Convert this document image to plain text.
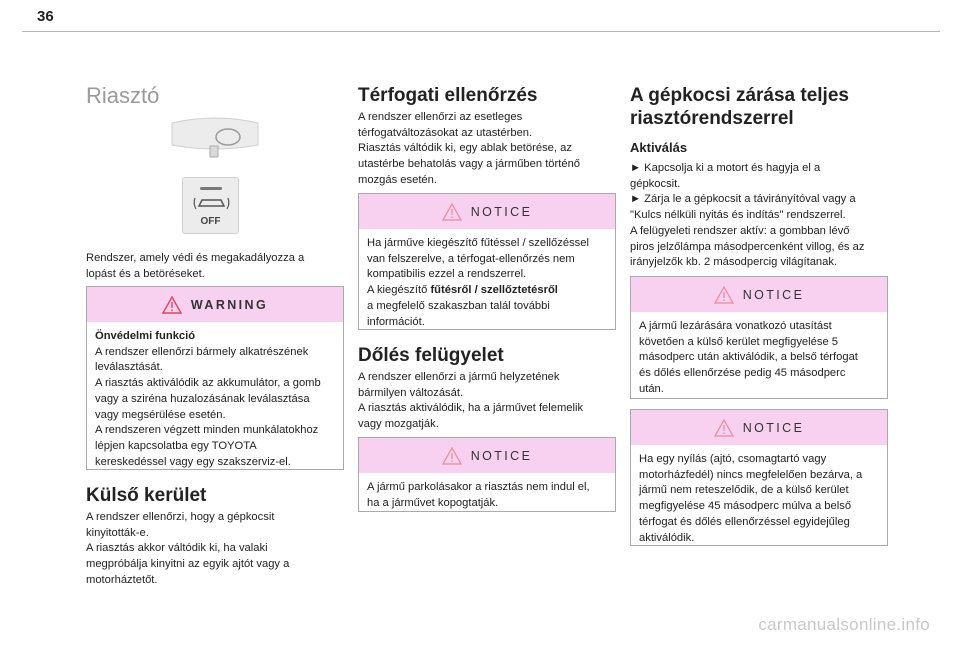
36
Riasztó
OFF

Rendszer, amely védi és megakadályozza a
lopást és a betöréseket.

WARNING
Önvédelmi funkció
A rendszer ellenőrzi bármely alkatrészének
leválasztását.
A riasztás aktiválódik az akkumulátor, a gomb
vagy a sziréna huzalozásának leválasztása
vagy megsérülése esetén.
A rendszeren végzett minden munkálatokhoz
lépjen kapcsolatba egy TOYOTA
kereskedéssel vagy egy szakszerviz-el.
Külső kerület

A rendszer ellenőrzi, hogy a gépkocsit
kinyitották-e.
A riasztás akkor váltódik ki, ha valaki
megpróbálja kinyitni az egyik ajtót vagy a
motorháztetőt.

Térfogati ellenőrzés

A rendszer ellenőrzi az esetleges
térfogatváltozásokat az utastérben.
Riasztás váltódik ki, egy ablak betörése, az
utastérbe behatolás vagy a járműben történő
mozgás esetén.

NOTICE
Ha járműve kiegészítő fűtéssel / szellőzéssel
van felszerelve, a térfogat-ellenőrzés nem
kompatibilis ezzel a rendszerrel.
A kiegészítő fűtésről / szellőztetésről
a megfelelő szakaszban talál további
információt.
Dőlés felügyelet

A rendszer ellenőrzi a jármű helyzetének
bármilyen változását.
A riasztás aktiválódik, ha a járművet felemelik
vagy mozgatják.

NOTICE
A jármű parkolásakor a riasztás nem indul el,
ha a járművet kopogtatják.
A gépkocsi zárása teljes
riasztórendszerrel
Aktiválás

► Kapcsolja ki a motort és hagyja el a
gépkocsit.
► Zárja le a gépkocsit a távirányítóval vagy a
"Kulcs nélküli nyitás és indítás" rendszerrel.
A felügyeleti rendszer aktív: a gombban lévő
piros jelzőlámpa másodpercenként villog, és az
irányjelzők kb. 2 másodpercig világítanak.

NOTICE
A jármű lezárására vonatkozó utasítást
követően a külső kerület megfigyelése 5
másodperc után aktiválódik, a belső térfogat
és dőlés ellenőrzése pedig 45 másodperc
után.
NOTICE
Ha egy nyílás (ajtó, csomagtartó vagy
motorházfedél) nincs megfelelően bezárva, a
jármű nem reteszelődik, de a külső kerület
megfigyelése 45 másodperc múlva a belső
térfogat és dőlés ellenőrzéssel egyidejűleg
aktiválódik.
carmanualsonline.info
